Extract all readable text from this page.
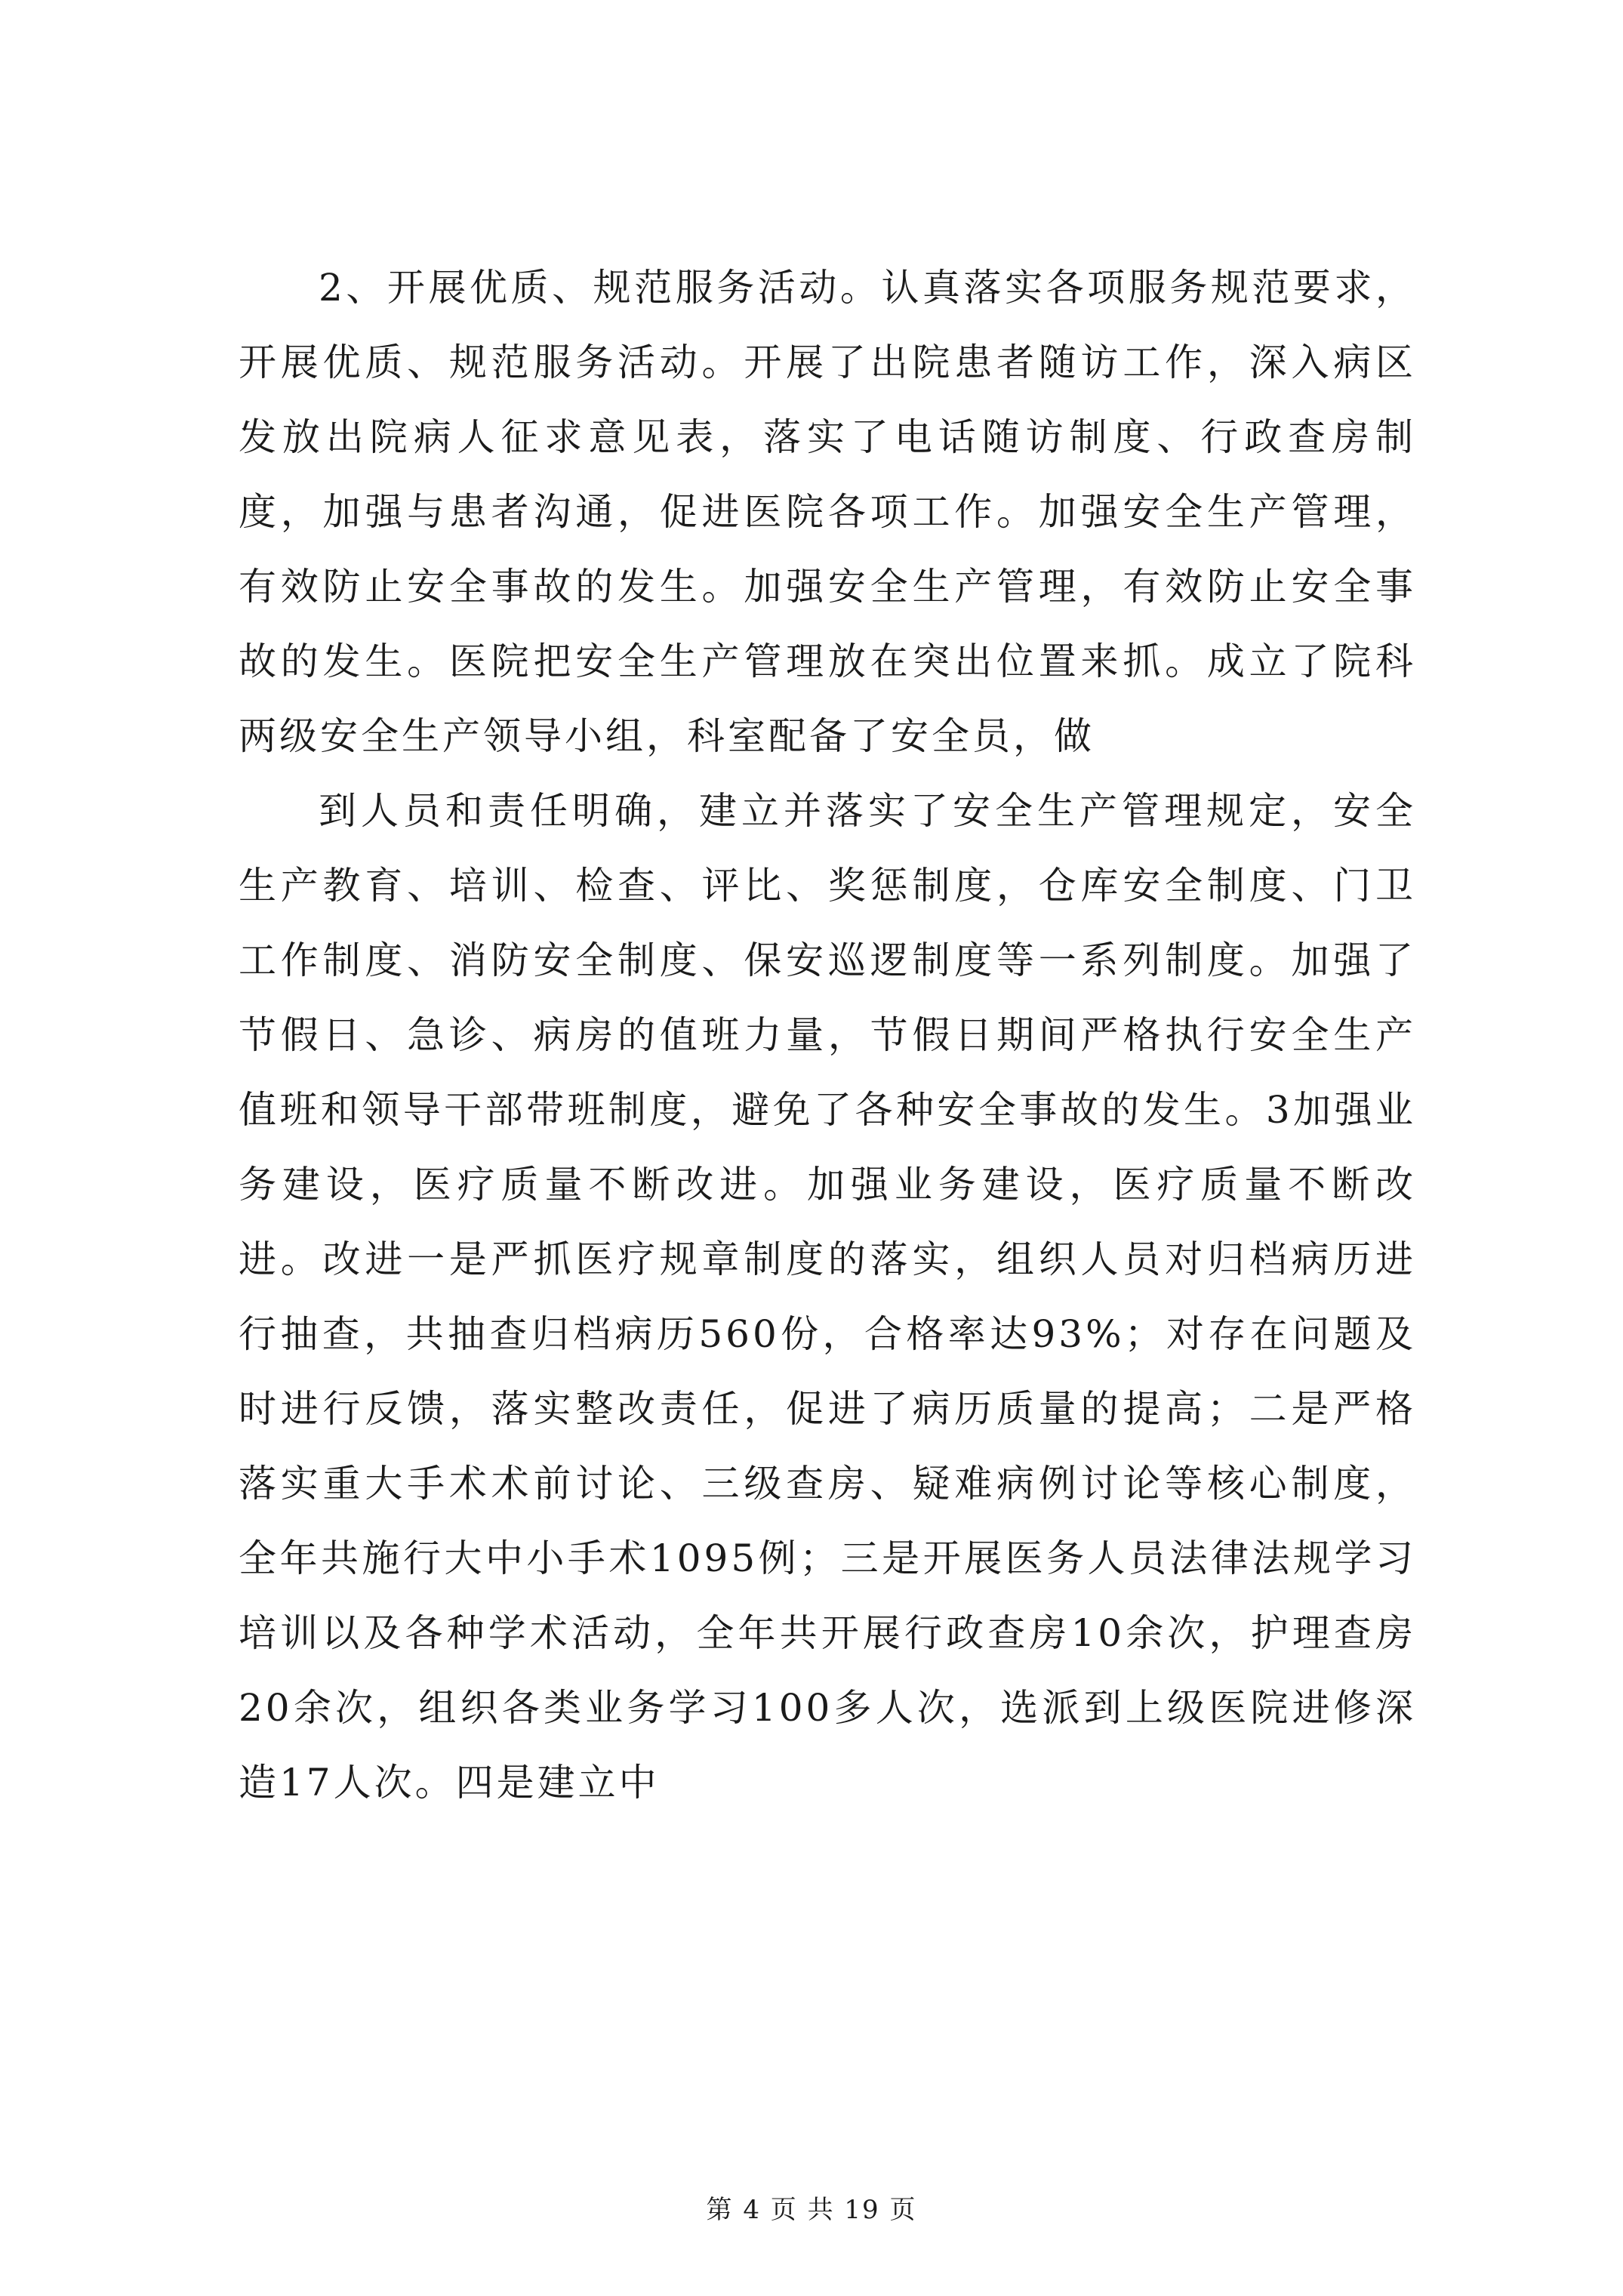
2、开展优质、规范服务活动。认真落实各项服务规范要求，开展优质、规范服务活动。开展了出院患者随访工作，深入病区发放出院病人征求意见表，落实了电话随访制度、行政查房制度，加强与患者沟通，促进医院各项工作。加强安全生产管理，有效防止安全事故的发生。加强安全生产管理，有效防止安全事故的发生。医院把安全生产管理放在突出位置来抓。成立了院科两级安全生产领导小组，科室配备了安全员，做

到人员和责任明确，建立并落实了安全生产管理规定，安全生产教育、培训、检查、评比、奖惩制度，仓库安全制度、门卫工作制度、消防安全制度、保安巡逻制度等一系列制度。加强了节假日、急诊、病房的值班力量，节假日期间严格执行安全生产值班和领导干部带班制度，避免了各种安全事故的发生。3加强业务建设，医疗质量不断改进。加强业务建设，医疗质量不断改进。改进一是严抓医疗规章制度的落实，组织人员对归档病历进行抽查，共抽查归档病历560份，合格率达93%；对存在问题及时进行反馈，落实整改责任，促进了病历质量的提高；二是严格落实重大手术术前讨论、三级查房、疑难病例讨论等核心制度，全年共施行大中小手术1095例；三是开展医务人员法律法规学习培训以及各种学术活动，全年共开展行政查房10余次，护理查房20余次，组织各类业务学习100多人次，选派到上级医院进修深造17人次。四是建立中

第 4 页 共 19 页
